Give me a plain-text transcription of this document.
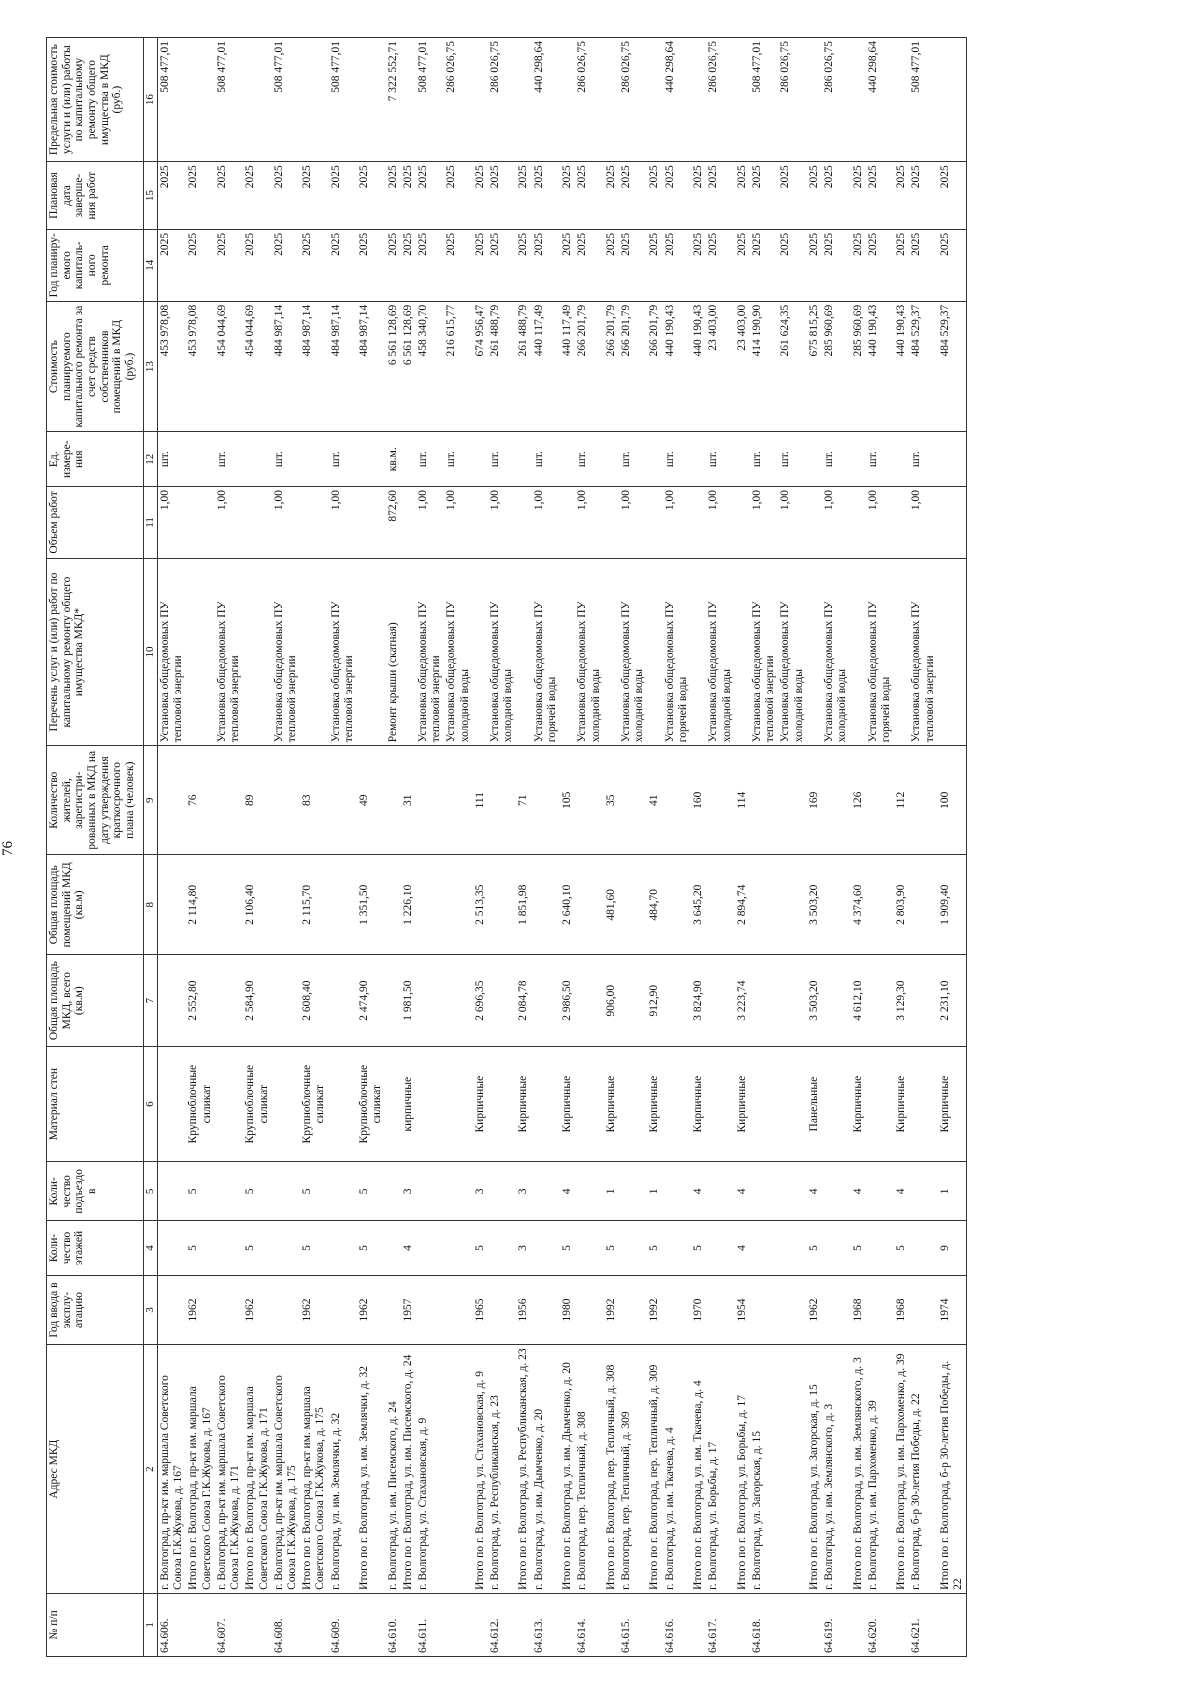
76
№ п/п	Адрес МКД	Год ввода в эксплу-атацию	Коли-чество этажей	Коли-чество подъездо в	Материал стен	Общая площадь МКД, всего (кв.м)	Общая площадь помещений МКД (кв.м)	Количество жителей, зарегистри-рованных в МКД на дату утверждения краткосрочного плана (человек)	Перечень услуг и (или) работ по капитальному ремонту общего имущества МКД*	Объем работ	Ед. измере-ния	Стоимость планируемого капитального ремонта за счет средств собственников помещений в МКД (руб.)	Год планиру-емого капиталь-ного ремонта	Плановая дата заверше-ния работ	Предельная стоимость услуги и (или) работы по капитальному ремонту общего имущества в МКД (руб.)
1	2	3	4	5	6	7	8	9	10	11	12	13	14	15	16
64.606.	г. Волгоград, пр-кт им. маршала Советского Союза Г.К.Жукова, д. 167								Установка общедомовых ПУ тепловой энергии	1,00	шт.	453 978,08	2025	2025	508 477,01
	Итого по г. Волгоград, пр-кт им. маршала Советского Союза Г.К.Жукова, д. 167	1962	5	5	Крупноблочные силикат	2 552,80	2 114,80	76				453 978,08	2025	2025	
64.607.	г. Волгоград, пр-кт им. маршала Советского Союза Г.К.Жукова, д. 171								Установка общедомовых ПУ тепловой энергии	1,00	шт.	454 044,69	2025	2025	508 477,01
	Итого по г. Волгоград, пр-кт им. маршала Советского Союза Г.К.Жукова, д. 171	1962	5	5	Крупноблочные силикат	2 584,90	2 106,40	89				454 044,69	2025	2025	
64.608.	г. Волгоград, пр-кт им. маршала Советского Союза Г.К.Жукова, д. 175								Установка общедомовых ПУ тепловой энергии	1,00	шт.	484 987,14	2025	2025	508 477,01
	Итого по г. Волгоград, пр-кт им. маршала Советского Союза Г.К.Жукова, д. 175	1962	5	5	Крупноблочные силикат	2 608,40	2 115,70	83				484 987,14	2025	2025	
64.609.	г. Волгоград, ул. им. Землячки, д. 32								Установка общедомовых ПУ тепловой энергии	1,00	шт.	484 987,14	2025	2025	508 477,01
	Итого по г. Волгоград, ул. им. Землячки, д. 32	1962	5	5	Крупноблочные силикат	2 474,90	1 351,50	49				484 987,14	2025	2025	
64.610.	г. Волгоград, ул. им. Писемского, д. 24								Ремонт крыши (скатная)	872,60	кв.м.	6 561 128,69	2025	2025	7 322 552,71
	Итого по г. Волгоград, ул. им. Писемского, д. 24	1957	4	3	кирпичные	1 981,50	1 226,10	31				6 561 128,69	2025	2025	
64.611.	г. Волгоград, ул. Стахановская, д. 9								Установка общедомовых ПУ тепловой энергии	1,00	шт.	458 340,70	2025	2025	508 477,01
									Установка общедомовых ПУ холодной воды	1,00	шт.	216 615,77	2025	2025	286 026,75
	Итого по г. Волгоград, ул. Стахановская, д. 9	1965	5	3	Кирпичные	2 696,35	2 513,35	111				674 956,47	2025	2025	
64.612.	г. Волгоград, ул. Республиканская, д. 23								Установка общедомовых ПУ холодной воды	1,00	шт.	261 488,79	2025	2025	286 026,75
	Итого по г. Волгоград, ул. Республиканская, д. 23	1956	3	3	Кирпичные	2 084,78	1 851,98	71				261 488,79	2025	2025	
64.613.	г. Волгоград, ул. им. Дымченко, д. 20								Установка общедомовых ПУ горячей воды	1,00	шт.	440 117,49	2025	2025	440 298,64
	Итого по г. Волгоград, ул. им. Дымченко, д. 20	1980	5	4	Кирпичные	2 986,50	2 640,10	105				440 117,49	2025	2025	
64.614.	г. Волгоград, пер. Тепличный, д. 308								Установка общедомовых ПУ холодной воды	1,00	шт.	266 201,79	2025	2025	286 026,75
	Итого по г. Волгоград, пер. Тепличный, д. 308	1992	5	1	Кирпичные	906,00	481,60	35				266 201,79	2025	2025	
64.615.	г. Волгоград, пер. Тепличный, д. 309								Установка общедомовых ПУ холодной воды	1,00	шт.	266 201,79	2025	2025	286 026,75
	Итого по г. Волгоград, пер. Тепличный, д. 309	1992	5	1	Кирпичные	912,90	484,70	41				266 201,79	2025	2025	
64.616.	г. Волгоград, ул. им. Ткачева, д. 4								Установка общедомовых ПУ горячей воды	1,00	шт.	440 190,43	2025	2025	440 298,64
	Итого по г. Волгоград, ул. им. Ткачева, д. 4	1970	5	4	Кирпичные	3 824,90	3 645,20	160				440 190,43	2025	2025	
64.617.	г. Волгоград, ул. Борьбы, д. 17								Установка общедомовых ПУ холодной воды	1,00	шт.	23 403,00	2025	2025	286 026,75
	Итого по г. Волгоград, ул. Борьбы, д. 17	1954	4	4	Кирпичные	3 223,74	2 894,74	114				23 403,00	2025	2025	
64.618.	г. Волгоград, ул. Загорская, д. 15								Установка общедомовых ПУ тепловой энергии	1,00	шт.	414 190,90	2025	2025	508 477,01
									Установка общедомовых ПУ холодной воды	1,00	шт.	261 624,35	2025	2025	286 026,75
	Итого по г. Волгоград, ул. Загорская, д. 15	1962	5	4	Панельные	3 503,20	3 503,20	169				675 815,25	2025	2025	
64.619.	г. Волгоград, ул. им. Землянского, д. 3								Установка общедомовых ПУ холодной воды	1,00	шт.	285 960,69	2025	2025	286 026,75
	Итого по г. Волгоград, ул. им. Землянского, д. 3	1968	5	4	Кирпичные	4 612,10	4 374,60	126				285 960,69	2025	2025	
64.620.	г. Волгоград, ул. им. Пархоменко, д. 39								Установка общедомовых ПУ горячей воды	1,00	шт.	440 190,43	2025	2025	440 298,64
	Итого по г. Волгоград, ул. им. Пархоменко, д. 39	1968	5	4	Кирпичные	3 129,30	2 803,90	112				440 190,43	2025	2025	
64.621.	г. Волгоград, б-р 30-летия Победы, д. 22								Установка общедомовых ПУ тепловой энергии	1,00	шт.	484 529,37	2025	2025	508 477,01
	Итого по г. Волгоград, б-р 30-летия Победы, д. 22	1974	9	1	Кирпичные	2 231,10	1 909,40	100				484 529,37	2025	2025	
